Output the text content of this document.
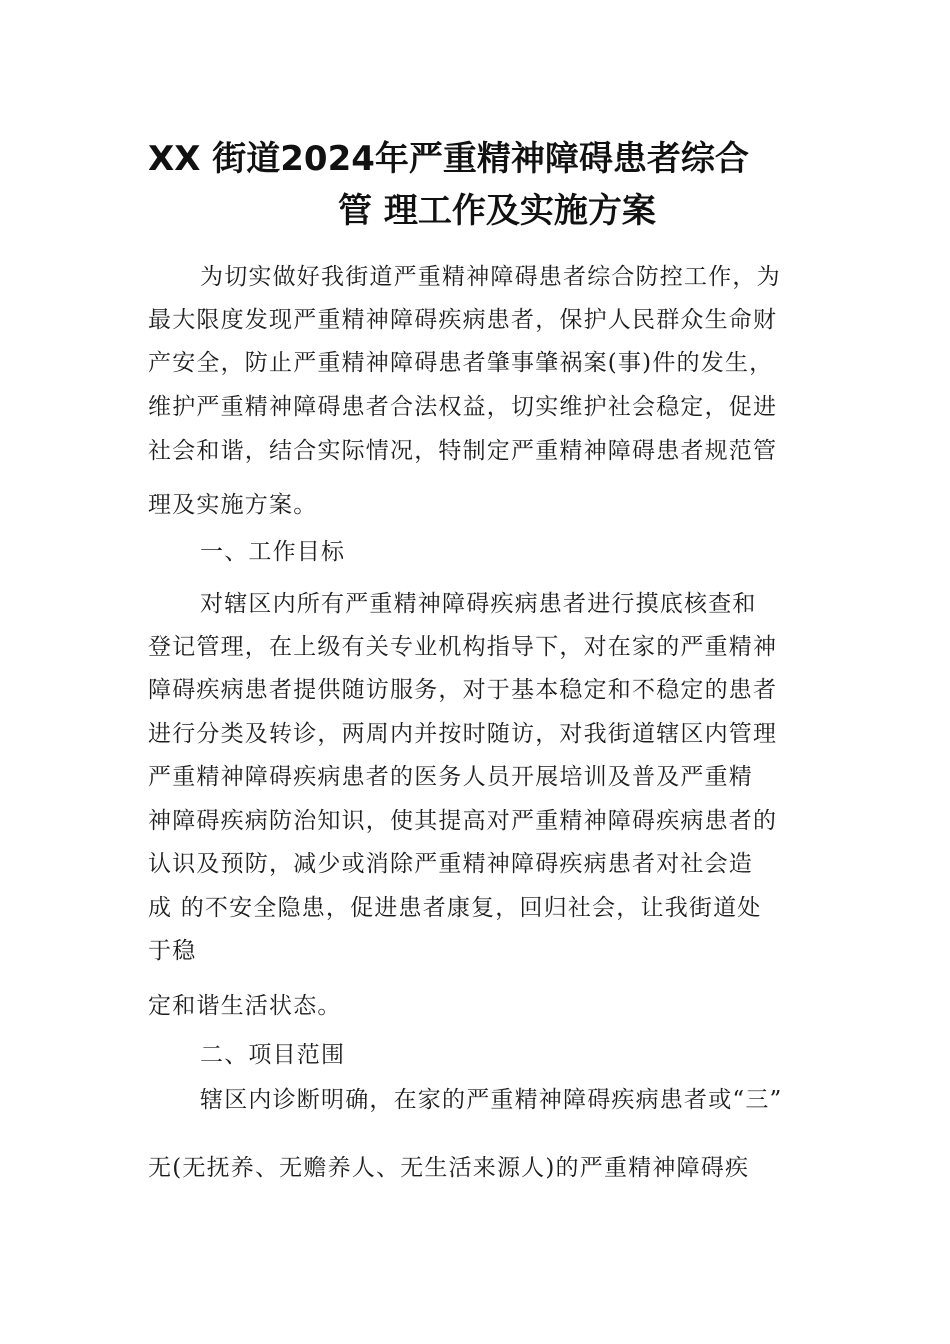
XX 街道2024年严重精神障碍患者综合
管 理工作及实施方案
为切实做好我街道严重精神障碍患者综合防控工作，为
最大限度发现严重精神障碍疾病患者，保护人民群众生命财
产安全，防止严重精神障碍患者肇事肇祸案(事)件的发生，
维护严重精神障碍患者合法权益，切实维护社会稳定，促进
社会和谐，结合实际情况，特制定严重精神障碍患者规范管
理及实施方案。
一、工作目标
对辖区内所有严重精神障碍疾病患者进行摸底核查和
登记管理，在上级有关专业机构指导下，对在家的严重精神
障碍疾病患者提供随访服务，对于基本稳定和不稳定的患者
进行分类及转诊，两周内并按时随访，对我街道辖区内管理
严重精神障碍疾病患者的医务人员开展培训及普及严重精
神障碍疾病防治知识，使其提高对严重精神障碍疾病患者的
认识及预防，减少或消除严重精神障碍疾病患者对社会造
成 的不安全隐患，促进患者康复，回归社会，让我街道处
于稳
定和谐生活状态。
二、项目范围
辖区内诊断明确，在家的严重精神障碍疾病患者或“三”
无(无抚养、无赡养人、无生活来源人)的严重精神障碍疾
